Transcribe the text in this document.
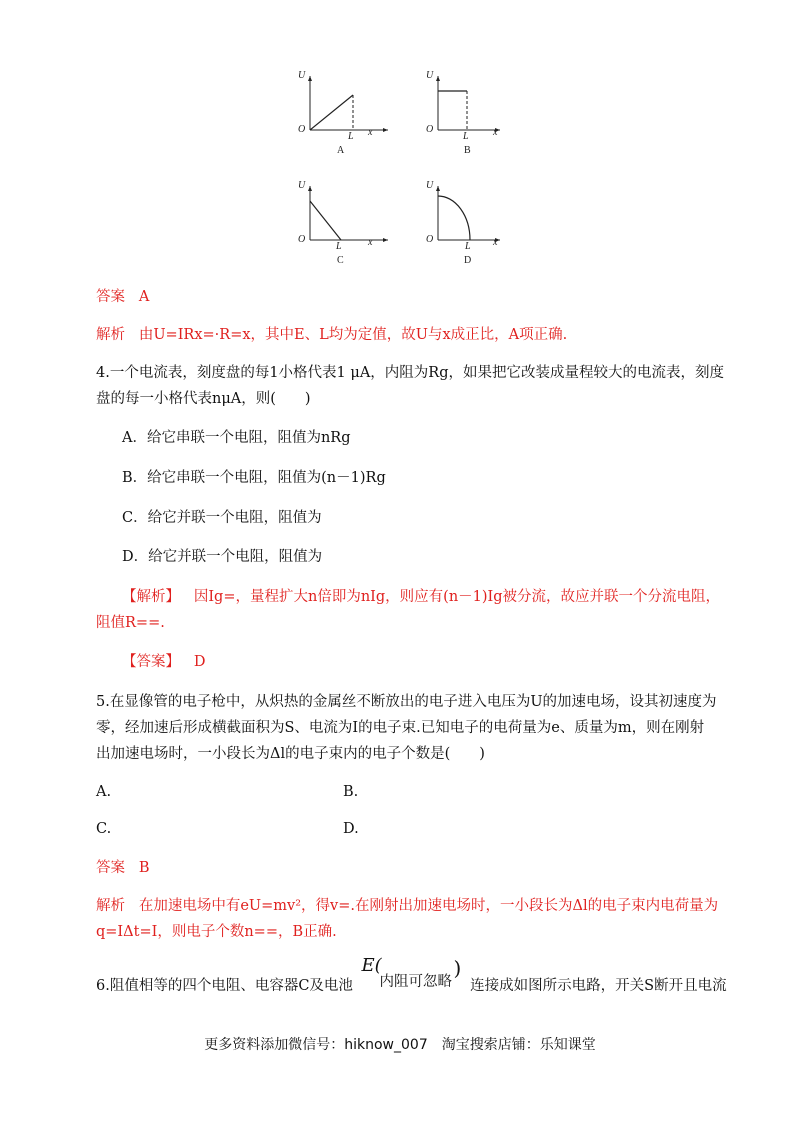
U
O
L x
A
U
O
L x
B
U
O
L	x
C
U
O
L x
D
答案 A
解析 由U=IRx=·R=x，其中E、L均为定值，故U与x成正比，A项正确.
4.一个电流表，刻度盘的每1小格代表1 μA，内阻为Rg，如果把它改装成量程较大的电流表，刻度
盘的每一小格代表nμA，则(　　)
A．给它串联一个电阻，阻值为nRg
B．给它串联一个电阻，阻值为(n－1)Rg
C．给它并联一个电阻，阻值为
D．给它并联一个电阻，阻值为
【解析】 因Ig=，量程扩大n倍即为nIg，则应有(n－1)Ig被分流，故应并联一个分流电阻，
阻值R==.
【答案】 D
5.在显像管的电子枪中，从炽热的金属丝不断放出的电子进入电压为U的加速电场，设其初速度为
零，经加速后形成横截面积为S、电流为I的电子束.已知电子的电荷量为e、质量为m，则在刚射
出加速电场时，一小段长为Δl的电子束内的电子个数是(　　)
A.	B.
C.	D.
答案 B
解析 在加速电场中有eU=mv²，得v=.在刚射出加速电场时，一小段长为Δl的电子束内电荷量为
q=IΔt=I，则电子个数n==，B正确.
6.阻值相等的四个电阻、电容器C及电池
E(
内阻可忽略
)
连接成如图所示电路，开关S断开且电流
更多资料添加微信号：hiknow_007　淘宝搜索店铺：乐知课堂
